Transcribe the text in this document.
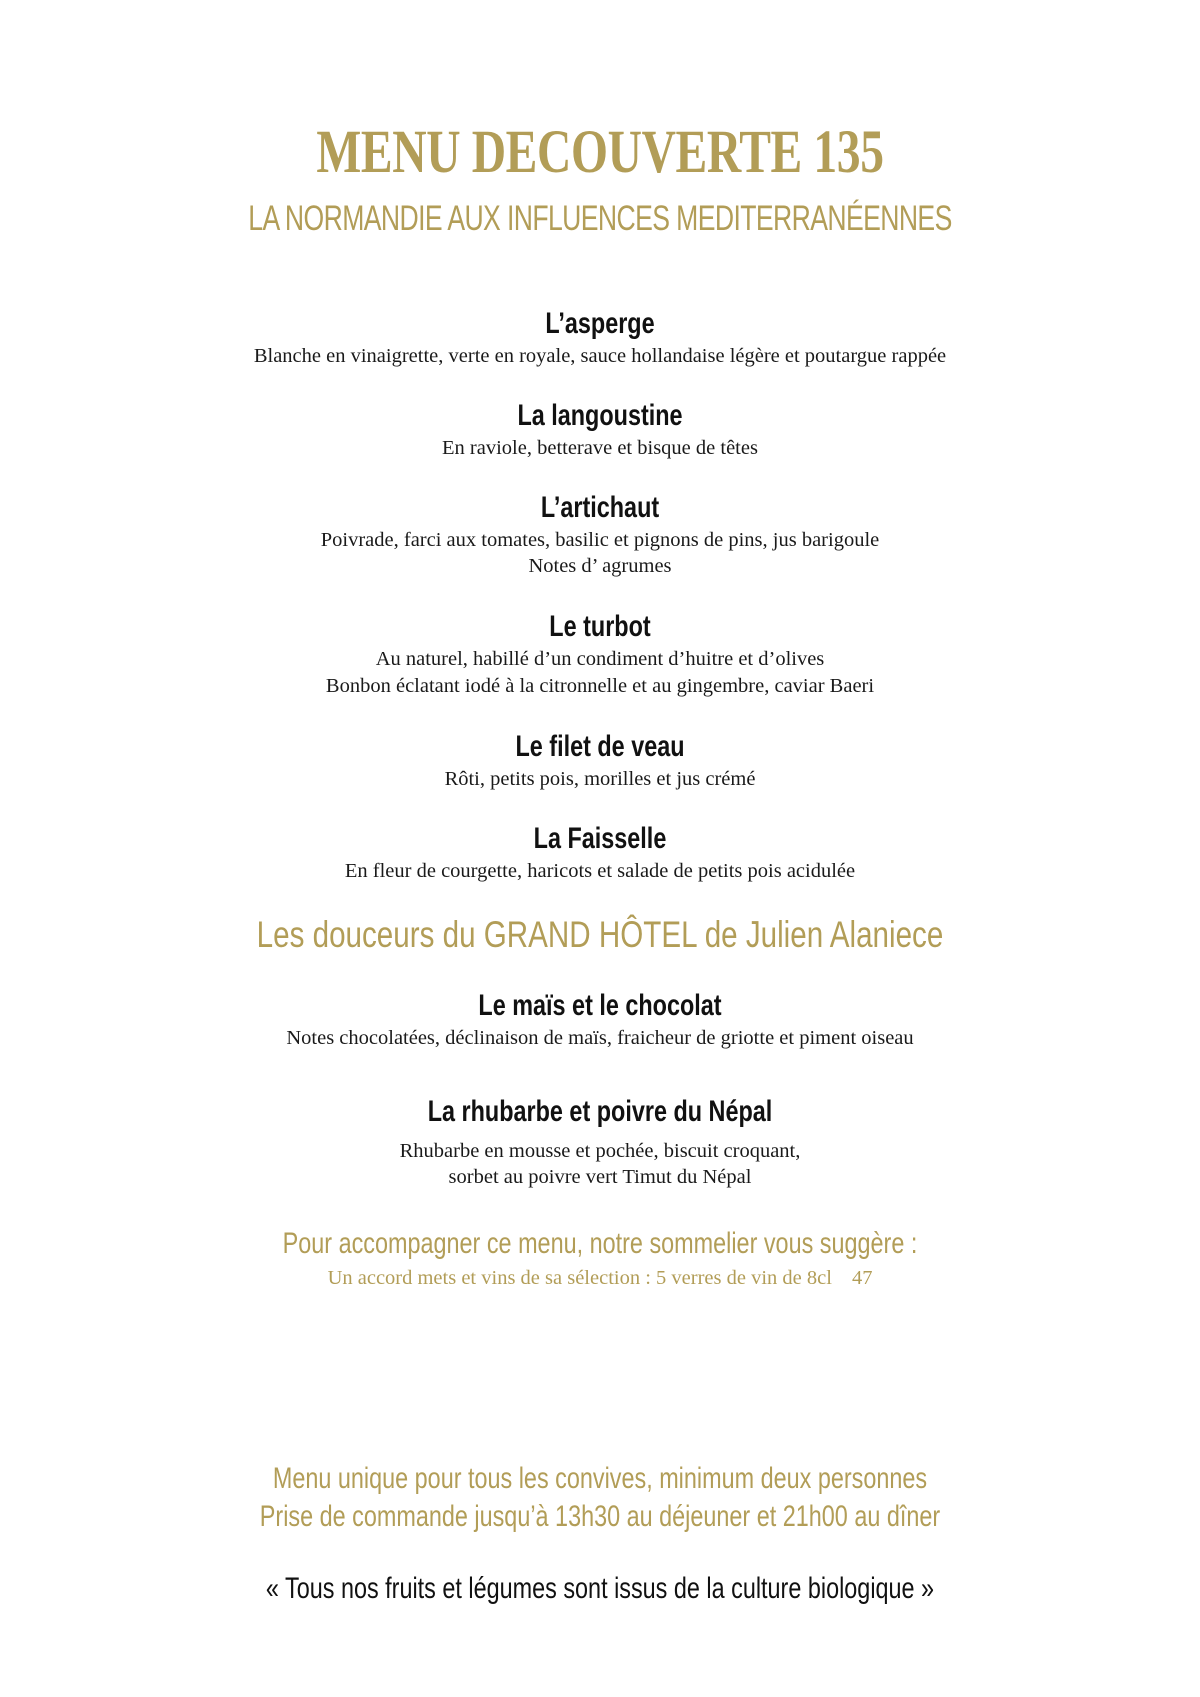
MENU DECOUVERTE 135
LA NORMANDIE AUX INFLUENCES MEDITERRANÉENNES
L’asperge
Blanche en vinaigrette, verte en royale, sauce hollandaise légère et poutargue rappée
La langoustine
En raviole, betterave et bisque de têtes
L’artichaut
Poivrade, farci aux tomates, basilic et pignons de pins, jus barigoule
Notes d’ agrumes
Le turbot
Au naturel, habillé d’un condiment d’huitre et d’olives
Bonbon éclatant iodé à la citronnelle et au gingembre, caviar Baeri
Le filet de veau
Rôti, petits pois, morilles et jus crémé
La Faisselle
En fleur de courgette, haricots et salade de petits pois acidulée
Les douceurs du GRAND HÔTEL de Julien Alaniece
Le maïs et le chocolat
Notes chocolatées, déclinaison de maïs, fraicheur de griotte et piment oiseau
La rhubarbe et poivre du Népal
Rhubarbe en mousse et pochée, biscuit croquant,
sorbet au poivre vert Timut du Népal
Pour accompagner ce menu, notre sommelier vous suggère :
Un accord mets et vins de sa sélection : 5 verres de vin de 8cl 47
Menu unique pour tous les convives, minimum deux personnes
Prise de commande jusqu’à 13h30 au déjeuner et 21h00 au dîner
« Tous nos fruits et légumes sont issus de la culture biologique »
